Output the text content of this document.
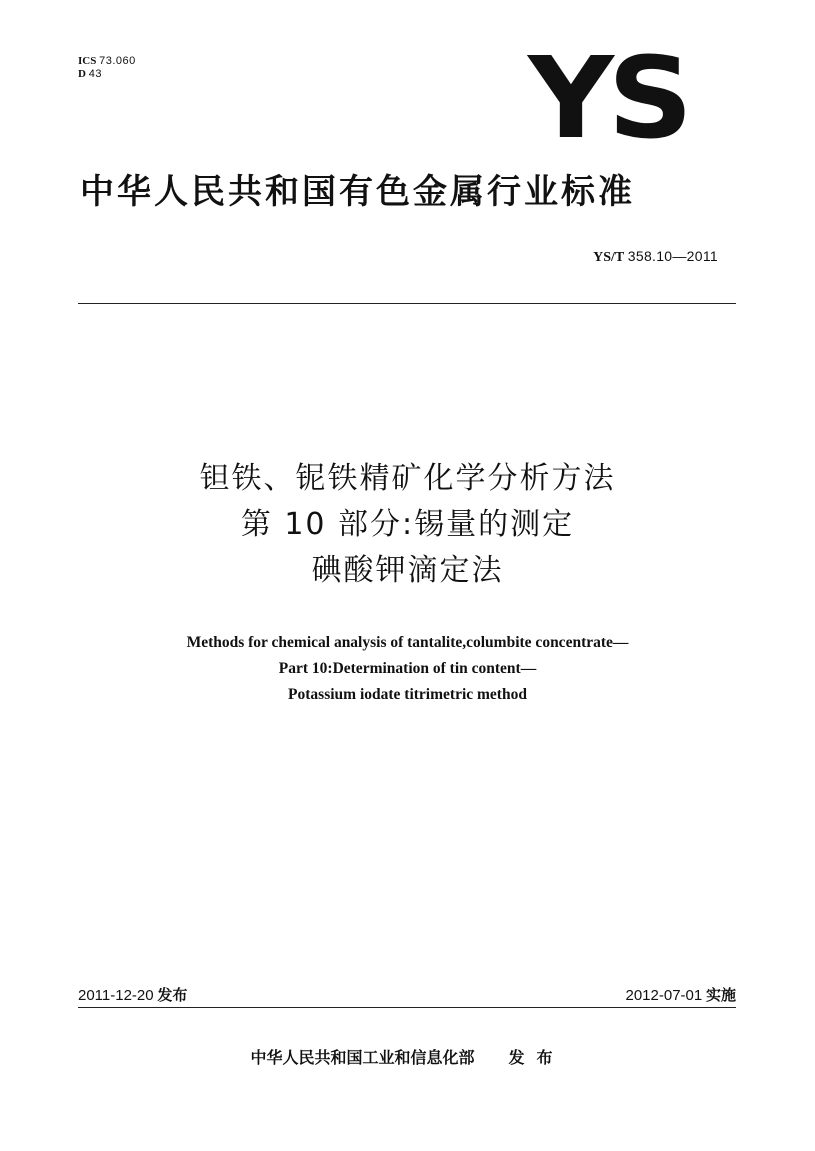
ICS 73.060
D 43	YS
中华人民共和国有色金属行业标准
YS/T 358.10—2011
钽铁、铌铁精矿化学分析方法
第 10 部分:锡量的测定
碘酸钾滴定法
Methods for chemical analysis of tantalite,columbite concentrate—
Part 10:Determination of tin content—
Potassium iodate titrimetric method
2011-12-20 发布	2012-07-01 实施
中华人民共和国工业和信息化部 发布
